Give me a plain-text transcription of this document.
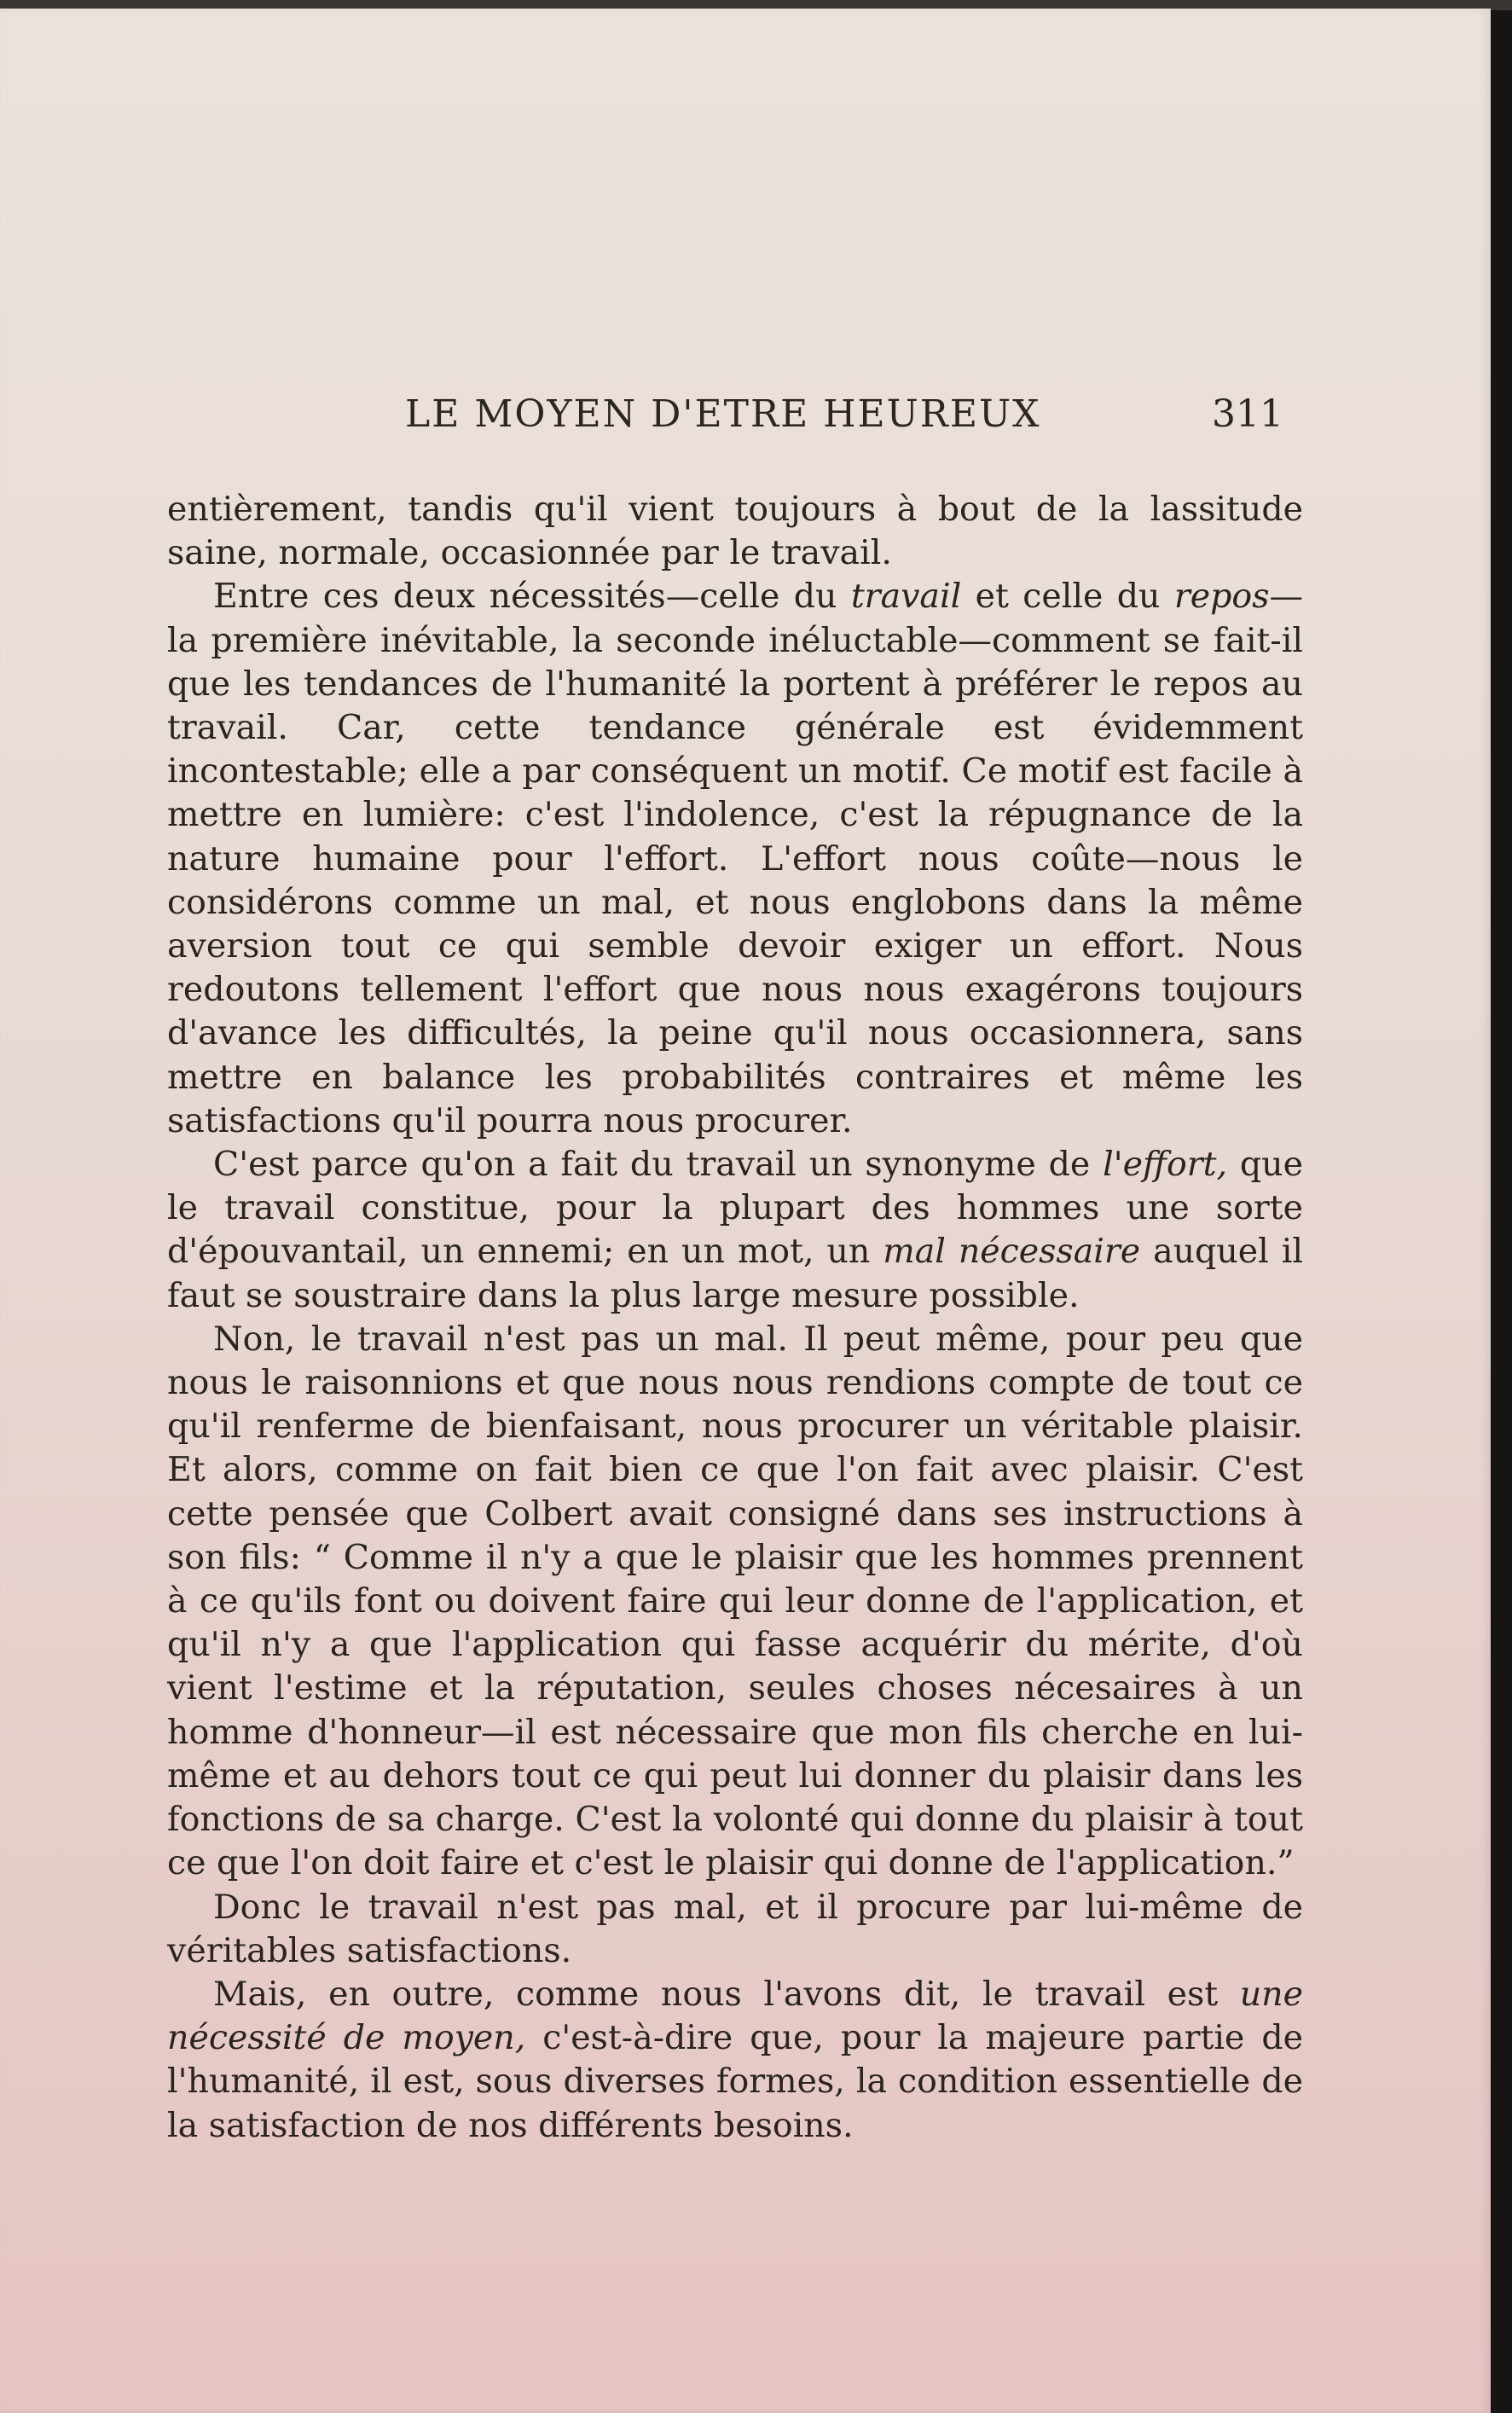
LE MOYEN D'ETRE HEUREUX	311

entièrement, tandis qu'il vient toujours à bout de la lassitude saine, normale, occasionnée par le travail.

Entre ces deux nécessités—celle du travail et celle du repos—la première inévitable, la seconde inéluctable—comment se fait-il que les tendances de l'humanité la portent à préférer le repos au travail. Car, cette tendance générale est évidemment incontestable; elle a par conséquent un motif. Ce motif est facile à mettre en lumière: c'est l'indolence, c'est la répugnance de la nature humaine pour l'effort. L'effort nous coûte—nous le considérons comme un mal, et nous englobons dans la même aversion tout ce qui semble devoir exiger un effort. Nous redoutons tellement l'effort que nous nous exagérons toujours d'avance les difficultés, la peine qu'il nous occasionnera, sans mettre en balance les probabilités contraires et même les satisfactions qu'il pourra nous procurer.

C'est parce qu'on a fait du travail un synonyme de l'effort, que le travail constitue, pour la plupart des hommes une sorte d'épouvantail, un ennemi; en un mot, un mal nécessaire auquel il faut se soustraire dans la plus large mesure possible.

Non, le travail n'est pas un mal. Il peut même, pour peu que nous le raisonnions et que nous nous rendions compte de tout ce qu'il renferme de bienfaisant, nous procurer un véritable plaisir. Et alors, comme on fait bien ce que l'on fait avec plaisir. C'est cette pensée que Colbert avait consigné dans ses instructions à son fils: “ Comme il n'y a que le plaisir que les hommes prennent à ce qu'ils font ou doivent faire qui leur donne de l'application, et qu'il n'y a que l'application qui fasse acquérir du mérite, d'où vient l'estime et la réputation, seules choses nécesaires à un homme d'honneur—il est nécessaire que mon fils cherche en lui-même et au dehors tout ce qui peut lui donner du plaisir dans les fonctions de sa charge. C'est la volonté qui donne du plaisir à tout ce que l'on doit faire et c'est le plaisir qui donne de l'application.”

Donc le travail n'est pas mal, et il procure par lui-même de véritables satisfactions.

Mais, en outre, comme nous l'avons dit, le travail est une nécessité de moyen, c'est-à-dire que, pour la majeure partie de l'humanité, il est, sous diverses formes, la condition essentielle de la satisfaction de nos différents besoins.
